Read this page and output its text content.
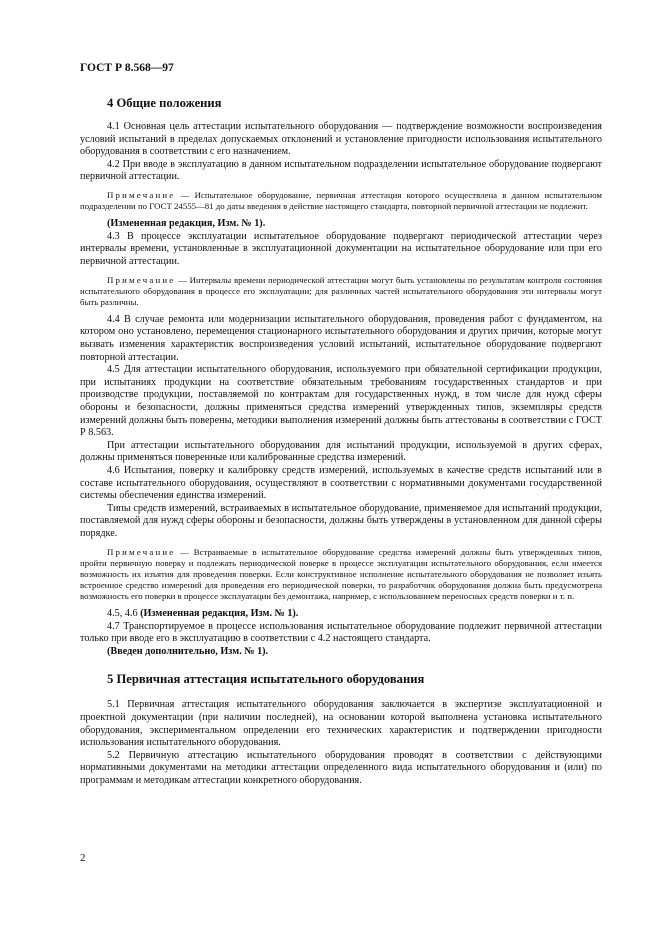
ГОСТ Р 8.568—97
4 Общие положения

4.1 Основная цель аттестации испытательного оборудования — подтверждение возможности воспроизведения условий испытаний в пределах допускаемых отклонений и установление пригодности использования испытательного оборудования в соответствии с его назначением.

4.2 При вводе в эксплуатацию в данном испытательном подразделении испытательное оборудование подвергают первичной аттестации.

Примечание — Испытательное оборудование, первичная аттестация которого осуществлена в данном испытательном подразделении по ГОСТ 24555—81 до даты введения в действие настоящего стандарта, повторной первичной аттестации не подлежит.

(Измененная редакция, Изм. № 1).

4.3 В процессе эксплуатации испытательное оборудование подвергают периодической аттестации через интервалы времени, установленные в эксплуатационной документации на испытательное оборудование или при его первичной аттестации.

Примечание — Интервалы времени периодической аттестации могут быть установлены по результатам контроля состояния испытательного оборудования в процессе его эксплуатации; для различных частей испытательного оборудования эти интервалы могут быть различны.

4.4 В случае ремонта или модернизации испытательного оборудования, проведения работ с фундаментом, на котором оно установлено, перемещения стационарного испытательного оборудования и других причин, которые могут вызвать изменения характеристик воспроизведения условий испытаний, испытательное оборудование подвергают повторной аттестации.

4.5 Для аттестации испытательного оборудования, используемого при обязательной сертификации продукции, при испытаниях продукции на соответствие обязательным требованиям государственных стандартов и при производстве продукции, поставляемой по контрактам для государственных нужд, в том числе для нужд сферы обороны и безопасности, должны применяться средства измерений утвержденных типов, экземпляры средств измерений должны быть поверены, методики выполнения измерений должны быть аттестованы в соответствии с ГОСТ Р 8.563.

При аттестации испытательного оборудования для испытаний продукции, используемой в других сферах, должны применяться поверенные или калиброванные средства измерений.

4.6 Испытания, поверку и калибровку средств измерений, используемых в качестве средств испытаний или в составе испытательного оборудования, осуществляют в соответствии с нормативными документами государственной системы обеспечения единства измерений.

Типы средств измерений, встраиваемых в испытательное оборудование, применяемое для испытаний продукции, поставляемой для нужд сферы обороны и безопасности, должны быть утверждены в установленном для данной сферы порядке.

Примечание — Встраиваемые в испытательное оборудование средства измерений должны быть утвержденных типов, пройти первичную поверку и подлежать периодической поверке в процессе эксплуатации испытательного оборудования, если имеется возможность их изъятия для проведения поверки. Если конструктивное исполнение испытательного оборудования не позволяет изъять встроенное средство измерений для проведения его периодической поверки, то разработчик оборудования должна быть предусмотрена возможность его поверки в процессе эксплуатации без демонтажа, например, с использованием переносных средств поверки и т. п.

4.5, 4.6 (Измененная редакция, Изм. № 1).

4.7 Транспортируемое в процессе использования испытательное оборудование подлежит первичной аттестации только при вводе его в эксплуатацию в соответствии с 4.2 настоящего стандарта.

(Введен дополнительно, Изм. № 1).

5 Первичная аттестация испытательного оборудования

5.1 Первичная аттестация испытательного оборудования заключается в экспертизе эксплуатационной и проектной документации (при наличии последней), на основании которой выполнена установка испытательного оборудования, экспериментальном определении его технических характеристик и подтверждении пригодности использования испытательного оборудования.

5.2 Первичную аттестацию испытательного оборудования проводят в соответствии с действующими нормативными документами на методики аттестации определенного вида испытательного оборудования и (или) по программам и методикам аттестации конкретного оборудования.

2
